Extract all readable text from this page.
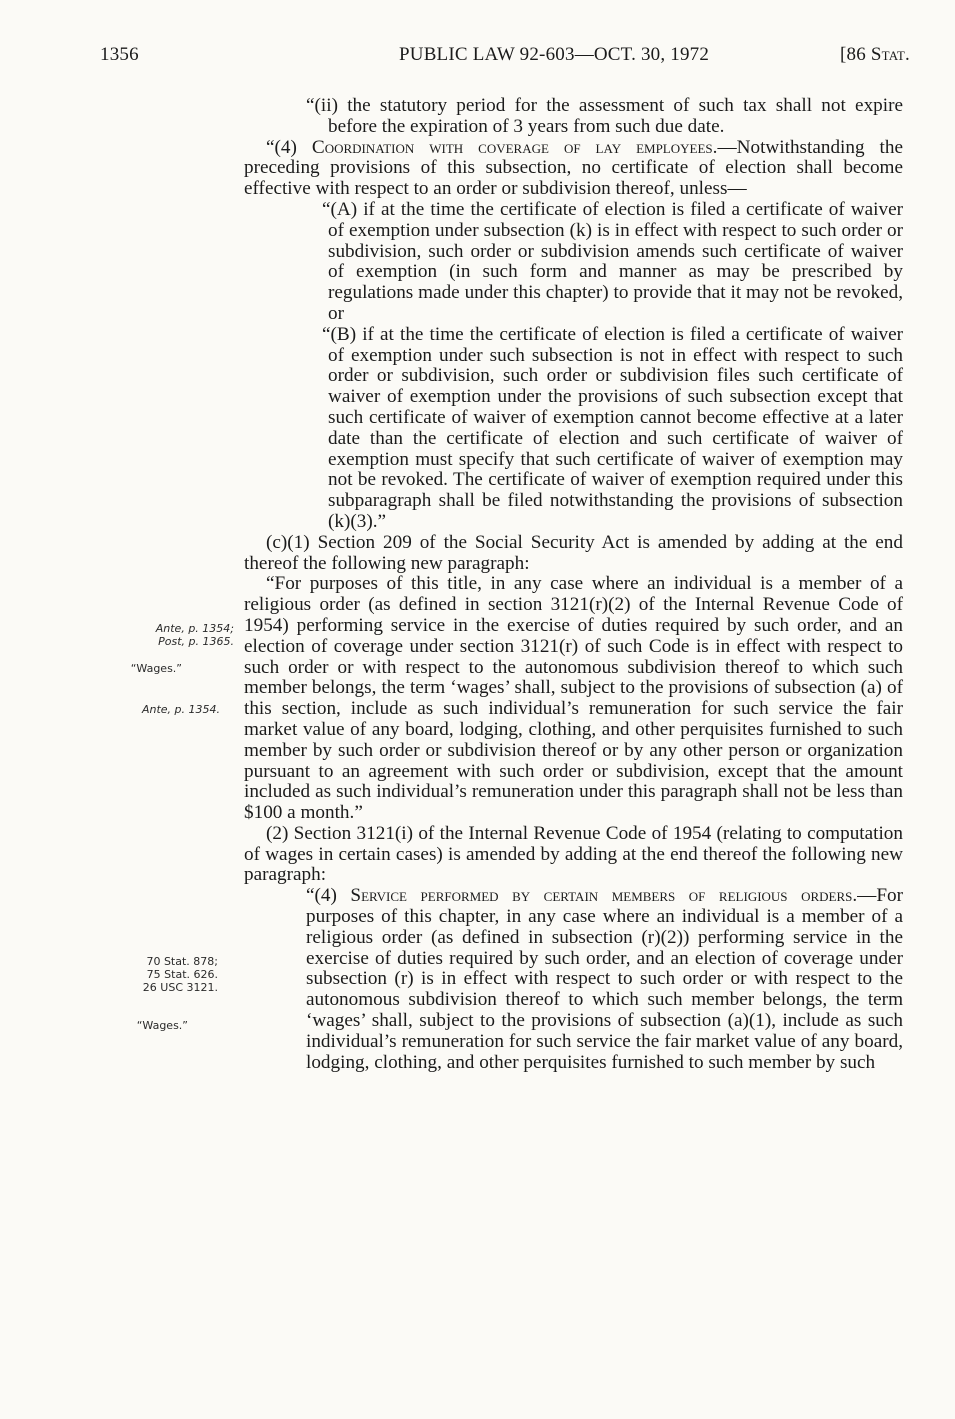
1356	PUBLIC LAW 92-603—OCT. 30, 1972	[86 Stat.
Ante, p. 1354;
Post, p. 1365.
“Wages.”
Ante, p. 1354.
70 Stat. 878;
75 Stat. 626.
26 USC 3121.
“Wages.”

“(ii) the statutory period for the assessment of such tax shall not expire before the expiration of 3 years from such due date.

“(4) Coordination with coverage of lay employees.—Notwithstanding the preceding provisions of this subsection, no certificate of election shall become effective with respect to an order or subdivision thereof, unless—

“(A) if at the time the certificate of election is filed a certificate of waiver of exemption under subsection (k) is in effect with respect to such order or subdivision, such order or subdivision amends such certificate of waiver of exemption (in such form and manner as may be prescribed by regulations made under this chapter) to provide that it may not be revoked, or

“(B) if at the time the certificate of election is filed a certificate of waiver of exemption under such subsection is not in effect with respect to such order or subdivision, such order or subdivision files such certificate of waiver of exemption under the provisions of such subsection except that such certificate of waiver of exemption cannot become effective at a later date than the certificate of election and such certificate of waiver of exemption must specify that such certificate of waiver of exemption may not be revoked. The certificate of waiver of exemption required under this subparagraph shall be filed notwithstanding the provisions of subsection (k)(3).”

(c)(1) Section 209 of the Social Security Act is amended by adding at the end thereof the following new paragraph:

“For purposes of this title, in any case where an individual is a member of a religious order (as defined in section 3121(r)(2) of the Internal Revenue Code of 1954) performing service in the exercise of duties required by such order, and an election of coverage under section 3121(r) of such Code is in effect with respect to such order or with respect to the autonomous subdivision thereof to which such member belongs, the term ‘wages’ shall, subject to the provisions of subsection (a) of this section, include as such individual’s remuneration for such service the fair market value of any board, lodging, clothing, and other perquisites furnished to such member by such order or subdivision thereof or by any other person or organization pursuant to an agreement with such order or subdivision, except that the amount included as such individual’s remuneration under this paragraph shall not be less than $100 a month.”

(2) Section 3121(i) of the Internal Revenue Code of 1954 (relating to computation of wages in certain cases) is amended by adding at the end thereof the following new paragraph:

“(4) Service performed by certain members of religious orders.—For purposes of this chapter, in any case where an individual is a member of a religious order (as defined in subsection (r)(2)) performing service in the exercise of duties required by such order, and an election of coverage under subsection (r) is in effect with respect to such order or with respect to the autonomous subdivision thereof to which such member belongs, the term ‘wages’ shall, subject to the provisions of subsection (a)(1), include as such individual’s remuneration for such service the fair market value of any board, lodging, clothing, and other perquisites furnished to such member by such
